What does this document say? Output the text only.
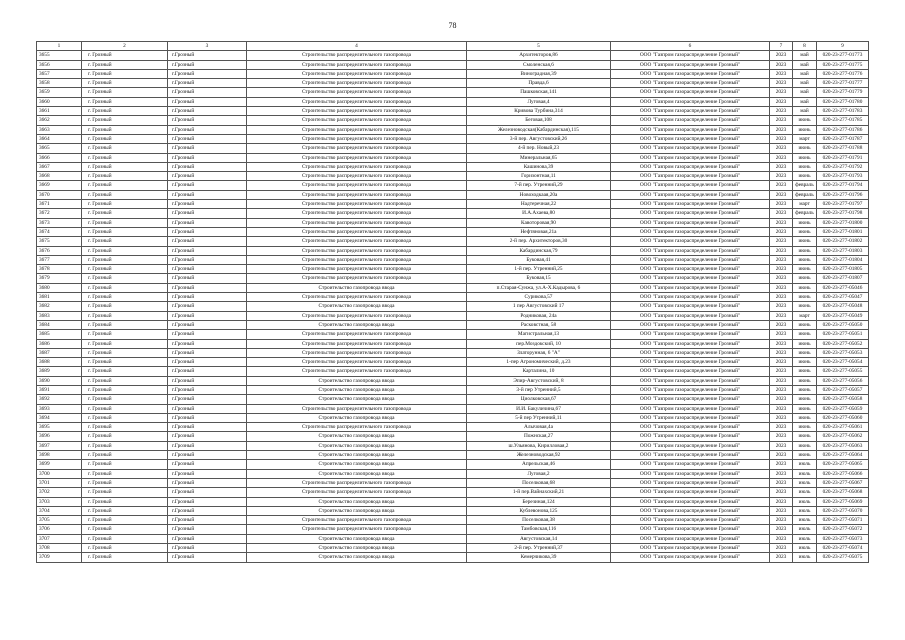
78
1	2	3	4	5	6	7	8	9
3655	г. Грозный	г.Грозный	Строительство распределительного газопровода	Архитекторов,86	ООО "Газпром газораспределение Грозный"	2023	май	020-23-277-01773
3656	г. Грозный	г.Грозный	Строительство распределительного газопровода	Смоленская,6	ООО "Газпром газораспределение Грозный"	2023	май	020-23-277-01775
3657	г. Грозный	г.Грозный	Строительство распределительного газопровода	Виноградная,39	ООО "Газпром газораспределение Грозный"	2023	май	020-23-277-01776
3658	г. Грозный	г.Грозный	Строительство распределительного газопровода	Правда,6	ООО "Газпром газораспределение Грозный"	2023	май	020-23-277-01777
3659	г. Грозный	г.Грозный	Строительство распределительного газопровода	Пашковская,141	ООО "Газпром газораспределение Грозный"	2023	май	020-23-277-01779
3660	г. Грозный	г.Грозный	Строительство распределительного газопровода	Луговая,4	ООО "Газпром газораспределение Грозный"	2023	май	020-23-277-01780
3661	г. Грозный	г.Грозный	Строительство распределительного газопровода	Кривова Турбина,314	ООО "Газпром газораспределение Грозный"	2023	май	020-23-277-01783
3662	г. Грозный	г.Грозный	Строительство распределительного газопровода	Беговая,108	ООО "Газпром газораспределение Грозный"	2023	июнь	020-23-277-01785
3663	г. Грозный	г.Грозный	Строительство распределительного газопровода	Железноводская(Кабардинская),115	ООО "Газпром газораспределение Грозный"	2023	июнь	020-23-277-01786
3664	г. Грозный	г.Грозный	Строительство распределительного газопровода	3-й пер. Августовский,26	ООО "Газпром газораспределение Грозный"	2023	март	020-23-277-01787
3665	г. Грозный	г.Грозный	Строительство распределительного газопровода	4-й пер. Новый,23	ООО "Газпром газораспределение Грозный"	2023	июнь	020-23-277-01788
3666	г. Грозный	г.Грозный	Строительство распределительного газопровода	Минеральная,65	ООО "Газпром газораспределение Грозный"	2023	июнь	020-23-277-01791
3667	г. Грозный	г.Грозный	Строительство распределительного газопровода	Кашинова,39	ООО "Газпром газораспределение Грозный"	2023	июнь	020-23-277-01792
3668	г. Грозный	г.Грозный	Строительство распределительного газопровода	Горизонтная,11	ООО "Газпром газораспределение Грозный"	2023	июнь	020-23-277-01793
3669	г. Грозный	г.Грозный	Строительство распределительного газопровода	7-й пер. Утренний,29	ООО "Газпром газораспределение Грозный"	2023	февраль	020-23-277-01794
3670	г. Грозный	г.Грозный	Строительство распределительного газопровода	Новоходкаая,20а	ООО "Газпром газораспределение Грозный"	2023	февраль	020-23-277-01796
3671	г. Грозный	г.Грозный	Строительство распределительного газопровода	Надтеречная,22	ООО "Газпром газораспределение Грозный"	2023	март	020-23-277-01797
3672	г. Грозный	г.Грозный	Строительство распределительного газопровода	И.А.Ахаева,80	ООО "Газпром газораспределение Грозный"	2023	февраль	020-23-277-01798
3673	г. Грозный	г.Грозный	Строительство распределительного газопровода	Кавоторовая,90	ООО "Газпром газораспределение Грозный"	2023	июнь	020-23-277-01800
3674	г. Грозный	г.Грозный	Строительство распределительного газопровода	Нефтяновая,21а	ООО "Газпром газораспределение Грозный"	2023	июнь	020-23-277-01801
3675	г. Грозный	г.Грозный	Строительство распределительного газопровода	2-й пер. Архитекторов,30	ООО "Газпром газораспределение Грозный"	2023	июнь	020-23-277-01802
3676	г. Грозный	г.Грозный	Строительство распределительного газопровода	Кабардинская,79	ООО "Газпром газораспределение Грозный"	2023	июнь	020-23-277-01803
3677	г. Грозный	г.Грозный	Строительство распределительного газопровода	Буковая,41	ООО "Газпром газораспределение Грозный"	2023	июнь	020-23-277-01804
3678	г. Грозный	г.Грозный	Строительство распределительного газопровода	1-й пер. Утренний,25	ООО "Газпром газораспределение Грозный"	2023	июнь	020-23-277-01805
3679	г. Грозный	г.Грозный	Строительство распределительного газопровода	Буковая,15	ООО "Газпром газораспределение Грозный"	2023	июнь	020-23-277-01807
3680	г. Грозный	г.Грозный	Строительство газопровода ввода	п.Старая-Сунжа, ул.А-Х.Кадырова, 6	ООО "Газпром газораспределение Грозный"	2023	июнь	020-23-277-05046
3681	г. Грозный	г.Грозный	Строительство распределительного газопровода	Сурикова,57	ООО "Газпром газораспределение Грозный"	2023	июнь	020-23-277-05047
3682	г. Грозный	г.Грозный	Строительство газопровода ввода	1 пер Августовский 17	ООО "Газпром газораспределение Грозный"	2023	июнь	020-23-277-05048
3683	г. Грозный	г.Грозный	Строительство распределительного газопровода	Родниковая, 24а	ООО "Газпром газораспределение Грозный"	2023	март	020-23-277-05049
3684	г. Грозный	г.Грозный	Строительство газопровода ввода	Расковстная, 58	ООО "Газпром газораспределение Грозный"	2023	июнь	020-23-277-05050
3685	г. Грозный	г.Грозный	Строительство распределительного газопровода	Магистральная,13	ООО "Газпром газораспределение Грозный"	2023	июнь	020-23-277-05051
3686	г. Грозный	г.Грозный	Строительство распределительного газопровода	пер.Моздокский, 10	ООО "Газпром газораспределение Грозный"	2023	июнь	020-23-277-05052
3687	г. Грозный	г.Грозный	Строительство распределительного газопровода	Златорунная, 6 "А"	ООО "Газпром газораспределение Грозный"	2023	июнь	020-23-277-05053
3688	г. Грозный	г.Грозный	Строительство распределительного газопровода	1-пер Агрономический, д.23	ООО "Газпром газораспределение Грозный"	2023	июнь	020-23-277-05054
3689	г. Грозный	г.Грозный	Строительство распределительного газопровода	Карталина, 10	ООО "Газпром газораспределение Грозный"	2023	июнь	020-23-277-05055
3690	г. Грозный	г.Грозный	Строительство газопровода ввода	Эпир-Августовский, 8	ООО "Газпром газораспределение Грозный"	2023	июнь	020-23-277-05056
3691	г. Грозный	г.Грозный	Строительство газопровода ввода	3-й пер Утренний,5	ООО "Газпром газораспределение Грозный"	2023	июнь	020-23-277-05057
3692	г. Грозный	г.Грозный	Строительство газопровода ввода	Циолковская,67	ООО "Газпром газораспределение Грозный"	2023	июнь	020-23-277-05058
3693	г. Грозный	г.Грозный	Строительство распределительного газопровода	И.И. Бакуличина,67	ООО "Газпром газораспределение Грозный"	2023	июнь	020-23-277-05059
3694	г. Грозный	г.Грозный	Строительство газопровода ввода	5-й пер Утренний,11	ООО "Газпром газораспределение Грозный"	2023	июнь	020-23-277-05060
3695	г. Грозный	г.Грозный	Строительство распределительного газопровода	Алычовая,4а	ООО "Газпром газораспределение Грозный"	2023	июнь	020-23-277-05061
3696	г. Грозный	г.Грозный	Строительство газопровода ввода	Пожнская,27	ООО "Газпром газораспределение Грозный"	2023	июнь	020-23-277-05062
3697	г. Грозный	г.Грозный	Строительство газопровода ввода	ш.Ульянова, Кирилловая,2	ООО "Газпром газораспределение Грозный"	2023	июнь	020-23-277-05063
3698	г. Грозный	г.Грозный	Строительство газопровода ввода	Железноводская,92	ООО "Газпром газораспределение Грозный"	2023	июнь	020-23-277-05064
3699	г. Грозный	г.Грозный	Строительство газопровода ввода	Апрельская,46	ООО "Газпром газораспределение Грозный"	2023	июль	020-23-277-05065
3700	г. Грозный	г.Грозный	Строительство газопровода ввода	Луговая,2	ООО "Газпром газораспределение Грозный"	2023	июль	020-23-277-05066
3701	г. Грозный	г.Грозный	Строительство распределительного газопровода	Поселковая,68	ООО "Газпром газораспределение Грозный"	2023	июль	020-23-277-05067
3702	г. Грозный	г.Грозный	Строительство распределительного газопровода	1-й пер.Вайнахский,21	ООО "Газпром газораспределение Грозный"	2023	июль	020-23-277-05068
3703	г. Грозный	г.Грозный	Строительство газопровода ввода	Березиная,124	ООО "Газпром газораспределение Грозный"	2023	июль	020-23-277-05069
3704	г. Грозный	г.Грозный	Строительство газопровода ввода	Кублевонова,125	ООО "Газпром газораспределение Грозный"	2023	июль	020-23-277-05070
3705	г. Грозный	г.Грозный	Строительство распределительного газопровода	Поселковая,38	ООО "Газпром газораспределение Грозный"	2023	июль	020-23-277-05071
3706	г. Грозный	г.Грозный	Строительство распределительного газопровода	Тамбовская,116	ООО "Газпром газораспределение Грозный"	2023	июль	020-23-277-05072
3707	г. Грозный	г.Грозный	Строительство газопровода ввода	Августовская,14	ООО "Газпром газораспределение Грозный"	2023	июль	020-23-277-05073
3708	г. Грозный	г.Грозный	Строительство газопровода ввода	2-й пер. Утренний,37	ООО "Газпром газораспределение Грозный"	2023	июль	020-23-277-05074
3709	г. Грозный	г.Грозный	Строительство газопровода ввода	Кемерчикова,39	ООО "Газпром газораспределение Грозный"	2023	июль	020-23-277-05075
